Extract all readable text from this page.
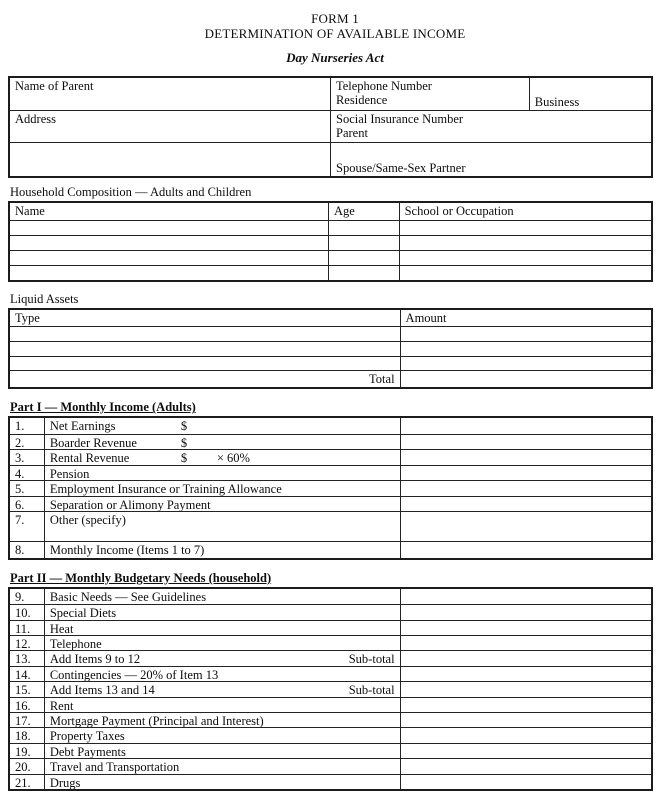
FORM 1
DETERMINATION OF AVAILABLE INCOME
Day Nurseries Act
Name of Parent	Telephone Number
Residence	Business
Address	Social Insurance Number
Parent
Spouse/Same-Sex Partner
Household Composition — Adults and Children
Name	Age	School or Occupation
Liquid Assets
Type	Amount
Total
Part I — Monthly Income (Adults)
1.	Net Earnings	$
2.	Boarder Revenue	$
3.	Rental Revenue	$ × 60%
4.	Pension
5.	Employment Insurance or Training Allowance
6.	Separation or Alimony Payment
7.	Other (specify)
8.	Monthly Income (Items 1 to 7)
Part II — Monthly Budgetary Needs (household)
9.	Basic Needs — See Guidelines
10.	Special Diets
11.	Heat
12.	Telephone
13.	Add Items 9 to 12	Sub-total
14.	Contingencies — 20% of Item 13
15.	Add Items 13 and 14	Sub-total
16.	Rent
17.	Mortgage Payment (Principal and Interest)
18.	Property Taxes
19.	Debt Payments
20.	Travel and Transportation
21.	Drugs
